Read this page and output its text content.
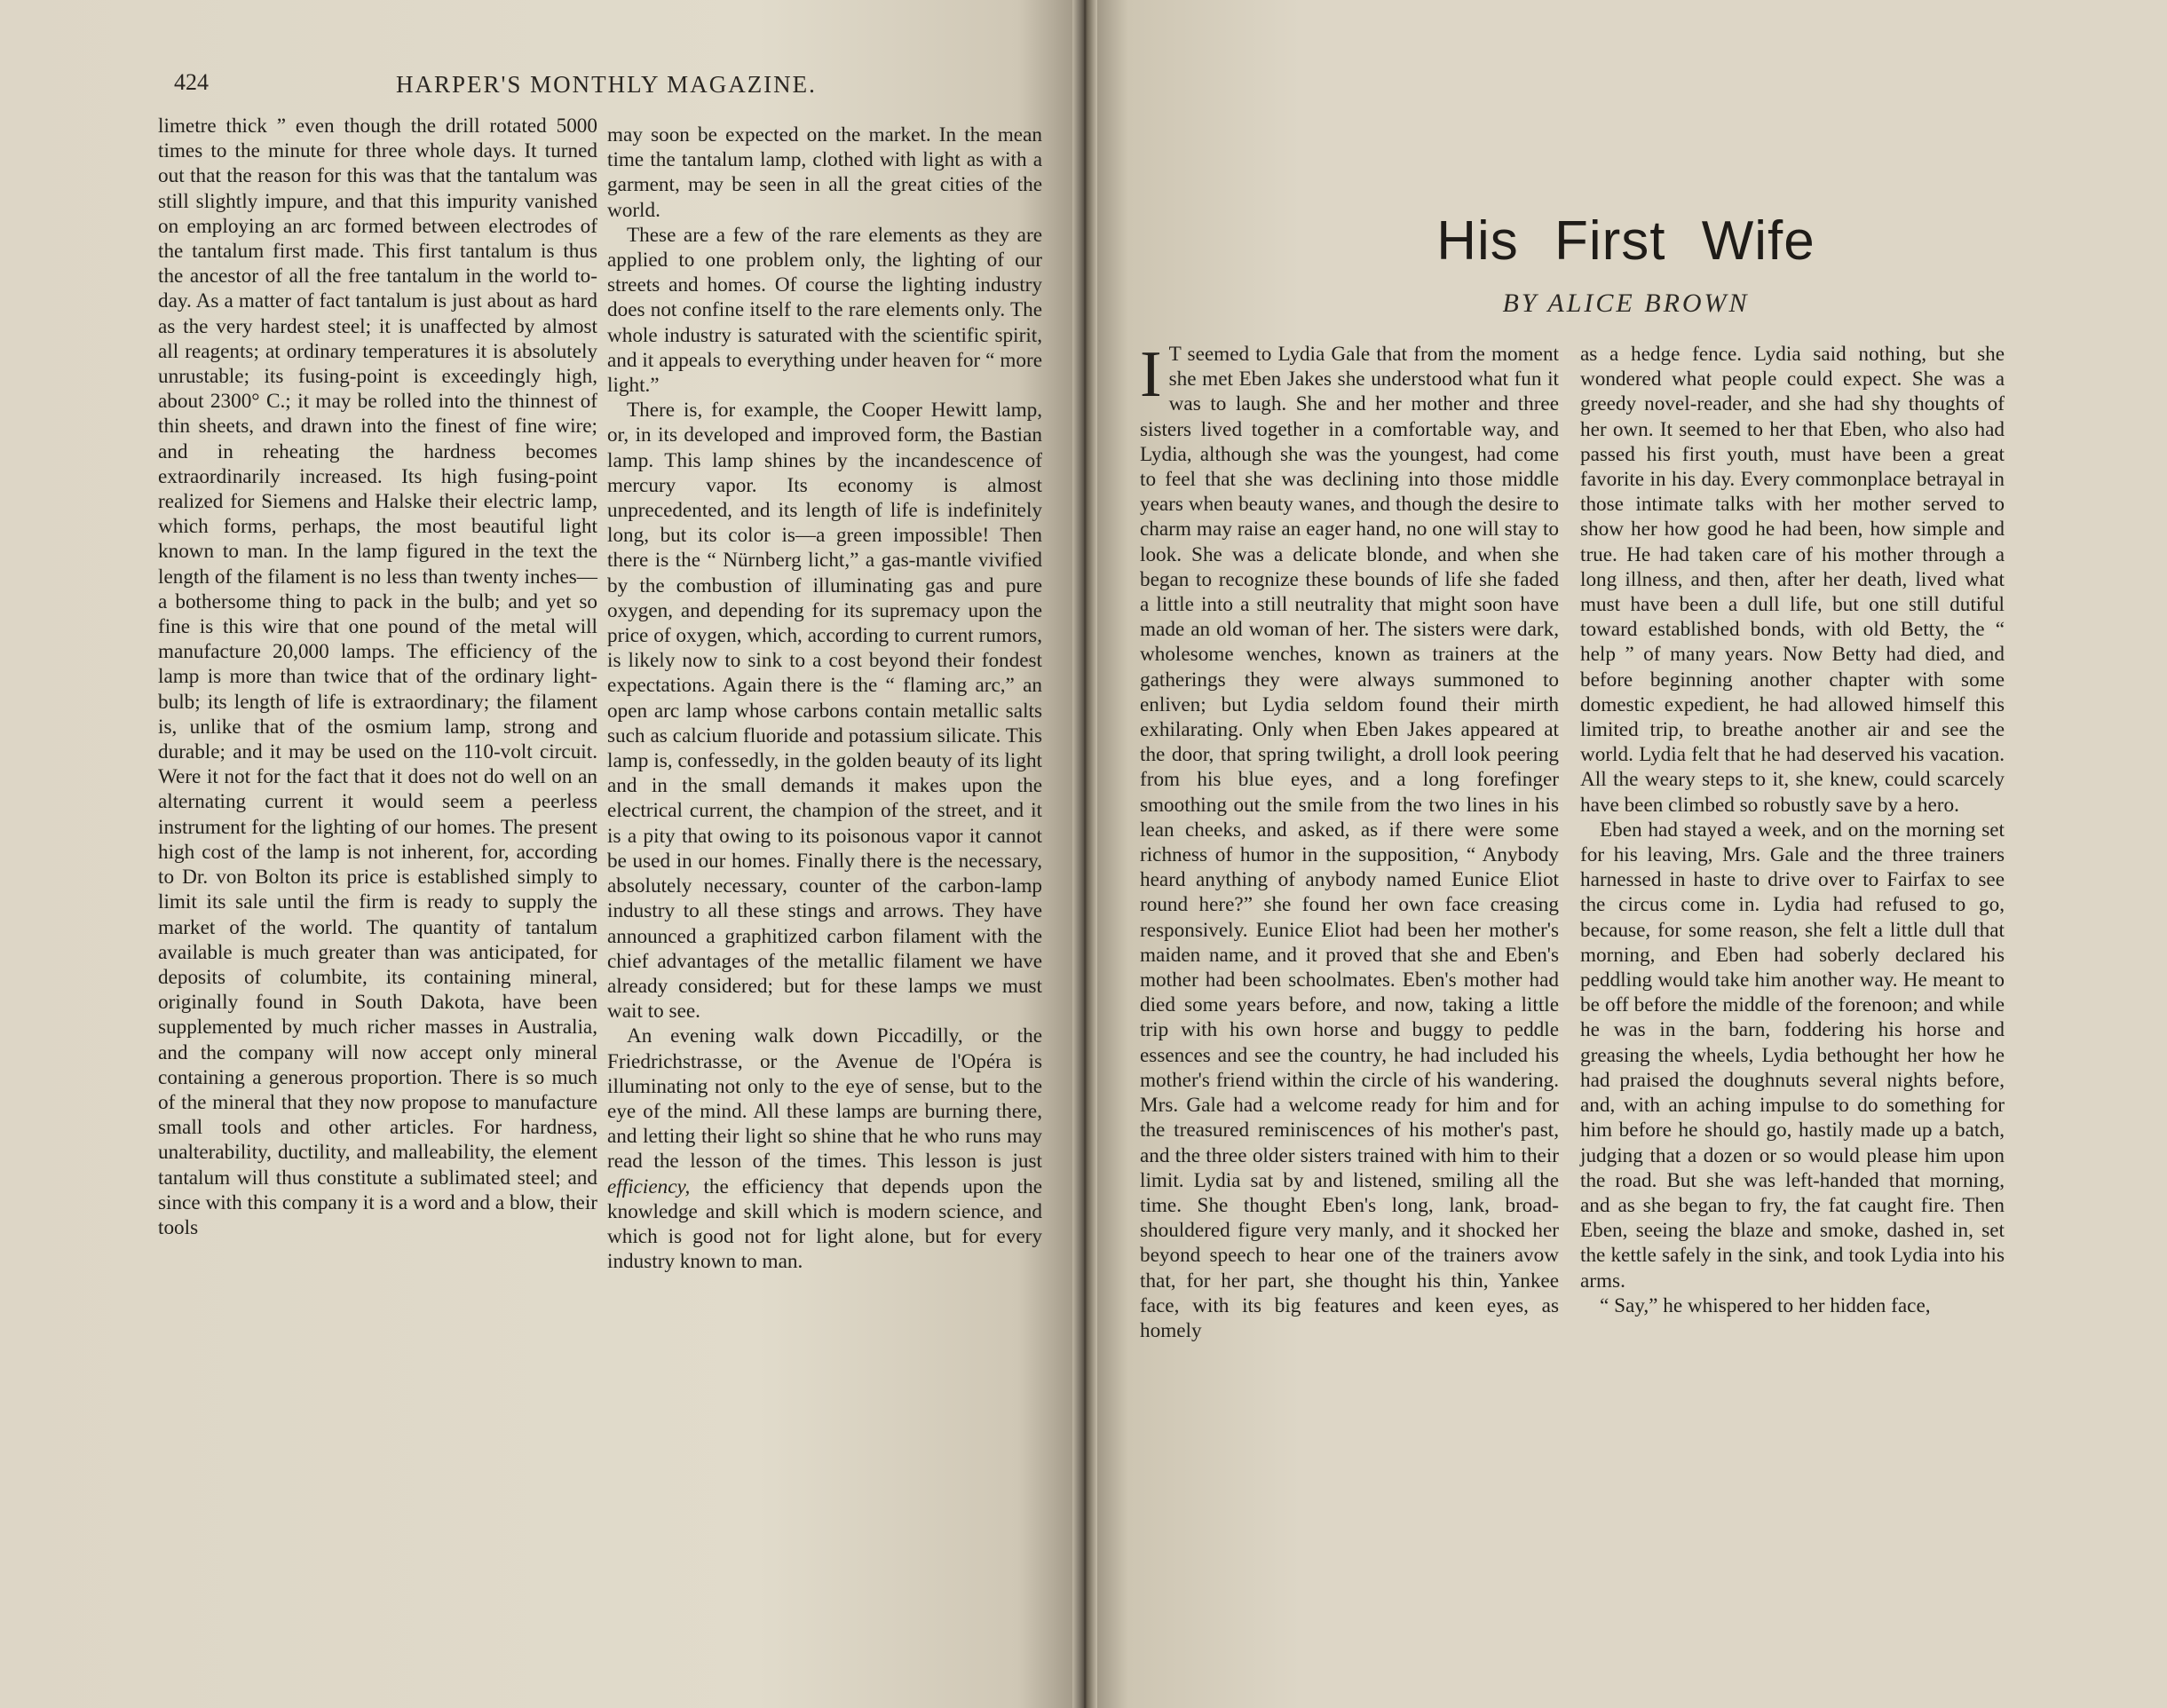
424	HARPER'S MONTHLY MAGAZINE.

limetre thick ” even though the drill rotated 5000 times to the minute for three whole days. It turned out that the reason for this was that the tantalum was still slightly impure, and that this impurity vanished on employing an arc formed between electrodes of the tantalum first made. This first tantalum is thus the ancestor of all the free tantalum in the world to-day. As a matter of fact tantalum is just about as hard as the very hardest steel; it is unaffected by almost all reagents; at ordinary temperatures it is absolutely unrustable; its fusing-point is exceedingly high, about 2300° C.; it may be rolled into the thinnest of thin sheets, and drawn into the finest of fine wire; and in reheating the hardness becomes extraordinarily increased. Its high fusing-point realized for Siemens and Halske their electric lamp, which forms, perhaps, the most beautiful light known to man. In the lamp figured in the text the length of the filament is no less than twenty inches—a bothersome thing to pack in the bulb; and yet so fine is this wire that one pound of the metal will manufacture 20,000 lamps. The efficiency of the lamp is more than twice that of the ordinary light-bulb; its length of life is extraordinary; the filament is, unlike that of the osmium lamp, strong and durable; and it may be used on the 110-volt circuit. Were it not for the fact that it does not do well on an alternating current it would seem a peerless instrument for the lighting of our homes. The present high cost of the lamp is not inherent, for, according to Dr. von Bolton its price is established simply to limit its sale until the firm is ready to supply the market of the world. The quantity of tantalum available is much greater than was anticipated, for deposits of columbite, its containing mineral, originally found in South Dakota, have been supplemented by much richer masses in Australia, and the company will now accept only mineral containing a generous proportion. There is so much of the mineral that they now propose to manufacture small tools and other articles. For hardness, unalterability, ductility, and malleability, the element tantalum will thus constitute a sublimated steel; and since with this company it is a word and a blow, their tools

may soon be expected on the market. In the mean time the tantalum lamp, clothed with light as with a garment, may be seen in all the great cities of the world.

These are a few of the rare elements as they are applied to one problem only, the lighting of our streets and homes. Of course the lighting industry does not confine itself to the rare elements only. The whole industry is saturated with the scientific spirit, and it appeals to everything under heaven for “ more light.”

There is, for example, the Cooper Hewitt lamp, or, in its developed and improved form, the Bastian lamp. This lamp shines by the incandescence of mercury vapor. Its economy is almost unprecedented, and its length of life is indefinitely long, but its color is—a green impossible! Then there is the “ Nürnberg licht,” a gas-mantle vivified by the combustion of illuminating gas and pure oxygen, and depending for its supremacy upon the price of oxygen, which, according to current rumors, is likely now to sink to a cost beyond their fondest expectations. Again there is the “ flaming arc,” an open arc lamp whose carbons contain metallic salts such as calcium fluoride and potassium silicate. This lamp is, confessedly, in the golden beauty of its light and in the small demands it makes upon the electrical current, the champion of the street, and it is a pity that owing to its poisonous vapor it cannot be used in our homes. Finally there is the necessary, absolutely necessary, counter of the carbon-lamp industry to all these stings and arrows. They have announced a graphitized carbon filament with the chief advantages of the metallic filament we have already considered; but for these lamps we must wait to see.

An evening walk down Piccadilly, or the Friedrichstrasse, or the Avenue de l'Opéra is illuminating not only to the eye of sense, but to the eye of the mind. All these lamps are burning there, and letting their light so shine that he who runs may read the lesson of the times. This lesson is just efficiency, the efficiency that depends upon the knowledge and skill which is modern science, and which is good not for light alone, but for every industry known to man.

His First Wife
BY ALICE BROWN

I T seemed to Lydia Gale that from the moment she met Eben Jakes she understood what fun it was to laugh. She and her mother and three sisters lived together in a comfortable way, and Lydia, although she was the youngest, had come to feel that she was declining into those middle years when beauty wanes, and though the desire to charm may raise an eager hand, no one will stay to look. She was a delicate blonde, and when she began to recognize these bounds of life she faded a little into a still neutrality that might soon have made an old woman of her. The sisters were dark, wholesome wenches, known as trainers at the gatherings they were always summoned to enliven; but Lydia seldom found their mirth exhilarating. Only when Eben Jakes appeared at the door, that spring twilight, a droll look peering from his blue eyes, and a long forefinger smoothing out the smile from the two lines in his lean cheeks, and asked, as if there were some richness of humor in the supposition, “ Anybody heard anything of anybody named Eunice Eliot round here?” she found her own face creasing responsively. Eunice Eliot had been her mother's maiden name, and it proved that she and Eben's mother had been schoolmates. Eben's mother had died some years before, and now, taking a little trip with his own horse and buggy to peddle essences and see the country, he had included his mother's friend within the circle of his wandering. Mrs. Gale had a welcome ready for him and for the treasured reminiscences of his mother's past, and the three older sisters trained with him to their limit. Lydia sat by and listened, smiling all the time. She thought Eben's long, lank, broad-shouldered figure very manly, and it shocked her beyond speech to hear one of the trainers avow that, for her part, she thought his thin, Yankee face, with its big features and keen eyes, as homely

as a hedge fence. Lydia said nothing, but she wondered what people could expect. She was a greedy novel-reader, and she had shy thoughts of her own. It seemed to her that Eben, who also had passed his first youth, must have been a great favorite in his day. Every commonplace betrayal in those intimate talks with her mother served to show her how good he had been, how simple and true. He had taken care of his mother through a long illness, and then, after her death, lived what must have been a dull life, but one still dutiful toward established bonds, with old Betty, the “ help ” of many years. Now Betty had died, and before beginning another chapter with some domestic expedient, he had allowed himself this limited trip, to breathe another air and see the world. Lydia felt that he had deserved his vacation. All the weary steps to it, she knew, could scarcely have been climbed so robustly save by a hero.

Eben had stayed a week, and on the morning set for his leaving, Mrs. Gale and the three trainers harnessed in haste to drive over to Fairfax to see the circus come in. Lydia had refused to go, because, for some reason, she felt a little dull that morning, and Eben had soberly declared his peddling would take him another way. He meant to be off before the middle of the forenoon; and while he was in the barn, foddering his horse and greasing the wheels, Lydia bethought her how he had praised the doughnuts several nights before, and, with an aching impulse to do something for him before he should go, hastily made up a batch, judging that a dozen or so would please him upon the road. But she was left-handed that morning, and as she began to fry, the fat caught fire. Then Eben, seeing the blaze and smoke, dashed in, set the kettle safely in the sink, and took Lydia into his arms.

“ Say,” he whispered to her hidden face,
